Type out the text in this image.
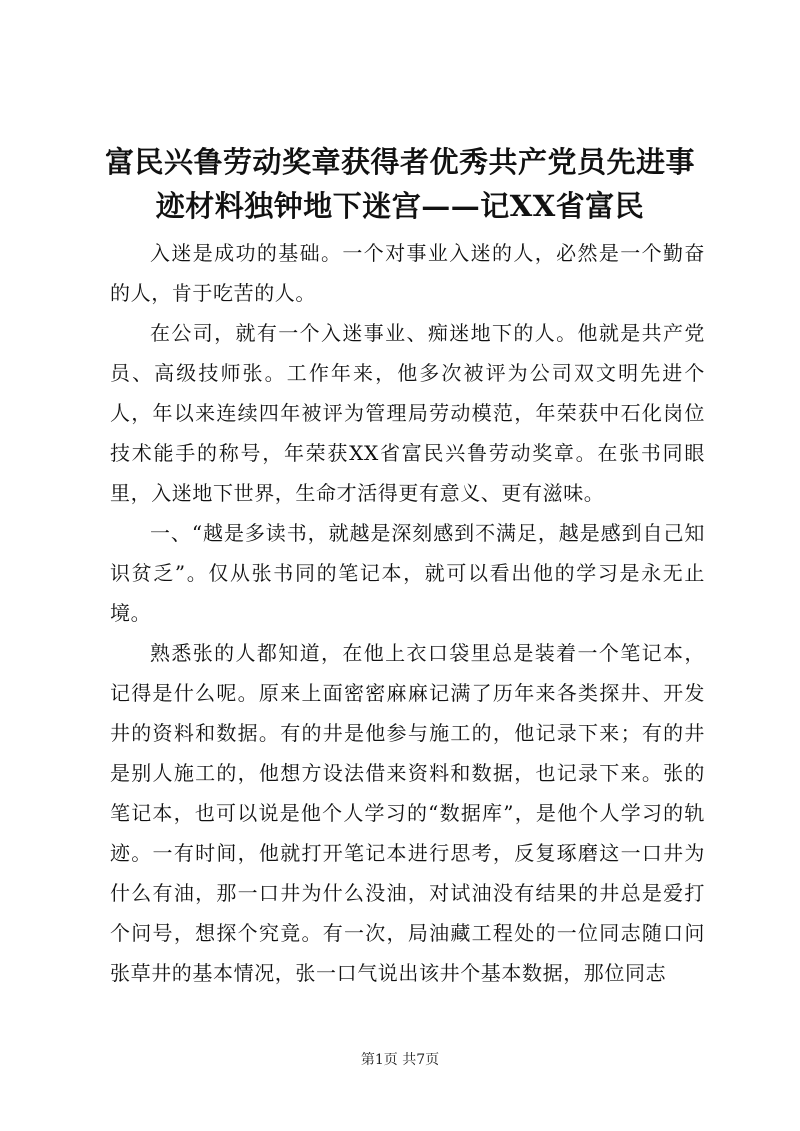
富民兴鲁劳动奖章获得者优秀共产党员先进事
迹材料独钟地下迷宫——记XX省富民

入迷是成功的基础。一个对事业入迷的人，必然是一个勤奋的人，肯于吃苦的人。

在公司，就有一个入迷事业、痴迷地下的人。他就是共产党员、高级技师张。工作年来，他多次被评为公司双文明先进个人，年以来连续四年被评为管理局劳动模范，年荣获中石化岗位技术能手的称号，年荣获XX省富民兴鲁劳动奖章。在张书同眼里，入迷地下世界，生命才活得更有意义、更有滋味。

一、“越是多读书，就越是深刻感到不满足，越是感到自己知识贫乏”。仅从张书同的笔记本，就可以看出他的学习是永无止境。

熟悉张的人都知道，在他上衣口袋里总是装着一个笔记本，记得是什么呢。原来上面密密麻麻记满了历年来各类探井、开发井的资料和数据。有的井是他参与施工的，他记录下来；有的井是别人施工的，他想方设法借来资料和数据，也记录下来。张的笔记本，也可以说是他个人学习的“数据库”，是他个人学习的轨迹。一有时间，他就打开笔记本进行思考，反复琢磨这一口井为什么有油，那一口井为什么没油，对试油没有结果的井总是爱打个问号，想探个究竟。有一次，局油藏工程处的一位同志随口问张草井的基本情况，张一口气说出该井个基本数据，那位同志

第1页 共7页
